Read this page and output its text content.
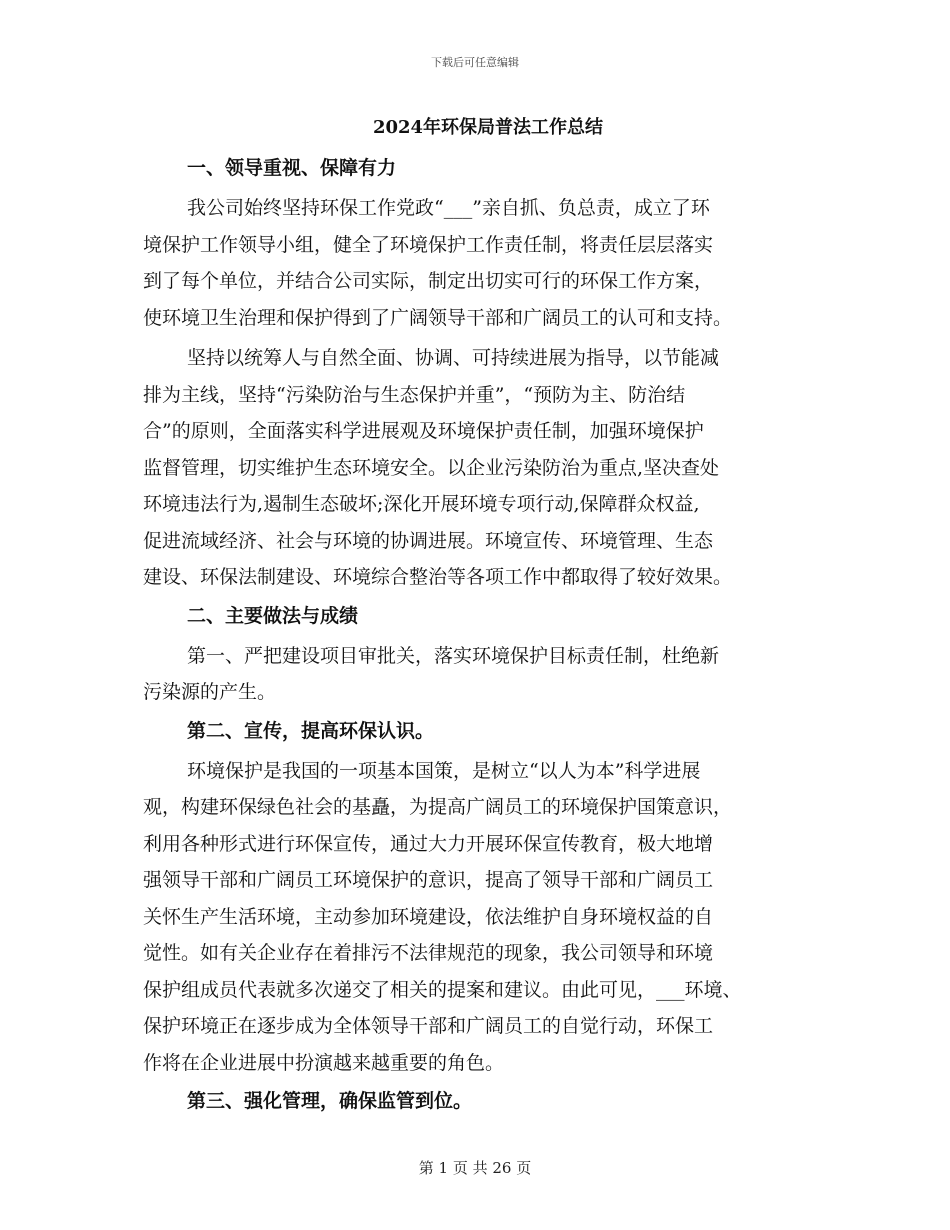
下载后可任意编辑
2024年环保局普法工作总结
一、领导重视、保障有力
我公司始终坚持环保工作党政“___”亲自抓、负总责，成立了环
境保护工作领导小组，健全了环境保护工作责任制，将责任层层落实
到了每个单位，并结合公司实际，制定出切实可行的环保工作方案，
使环境卫生治理和保护得到了广阔领导干部和广阔员工的认可和支持。
坚持以统筹人与自然全面、协调、可持续进展为指导，以节能减
排为主线，坚持“污染防治与生态保护并重”，“预防为主、防治结
合”的原则，全面落实科学进展观及环境保护责任制，加强环境保护
监督管理，切实维护生态环境安全。以企业污染防治为重点,坚决查处
环境违法行为,遏制生态破坏;深化开展环境专项行动,保障群众权益,
促进流域经济、社会与环境的协调进展。环境宣传、环境管理、生态
建设、环保法制建设、环境综合整治等各项工作中都取得了较好效果。
二、主要做法与成绩
第一、严把建设项目审批关，落实环境保护目标责任制，杜绝新
污染源的产生。
第二、宣传，提高环保认识。
环境保护是我国的一项基本国策，是树立“以人为本”科学进展
观，构建环保绿色社会的基矗，为提高广阔员工的环境保护国策意识，
利用各种形式进行环保宣传，通过大力开展环保宣传教育，极大地增
强领导干部和广阔员工环境保护的意识，提高了领导干部和广阔员工
关怀生产生活环境，主动参加环境建设，依法维护自身环境权益的自
觉性。如有关企业存在着排污不法律规范的现象，我公司领导和环境
保护组成员代表就多次递交了相关的提案和建议。由此可见，___环境、
保护环境正在逐步成为全体领导干部和广阔员工的自觉行动，环保工
作将在企业进展中扮演越来越重要的角色。
第三、强化管理，确保监管到位。
第 1 页 共 26 页
